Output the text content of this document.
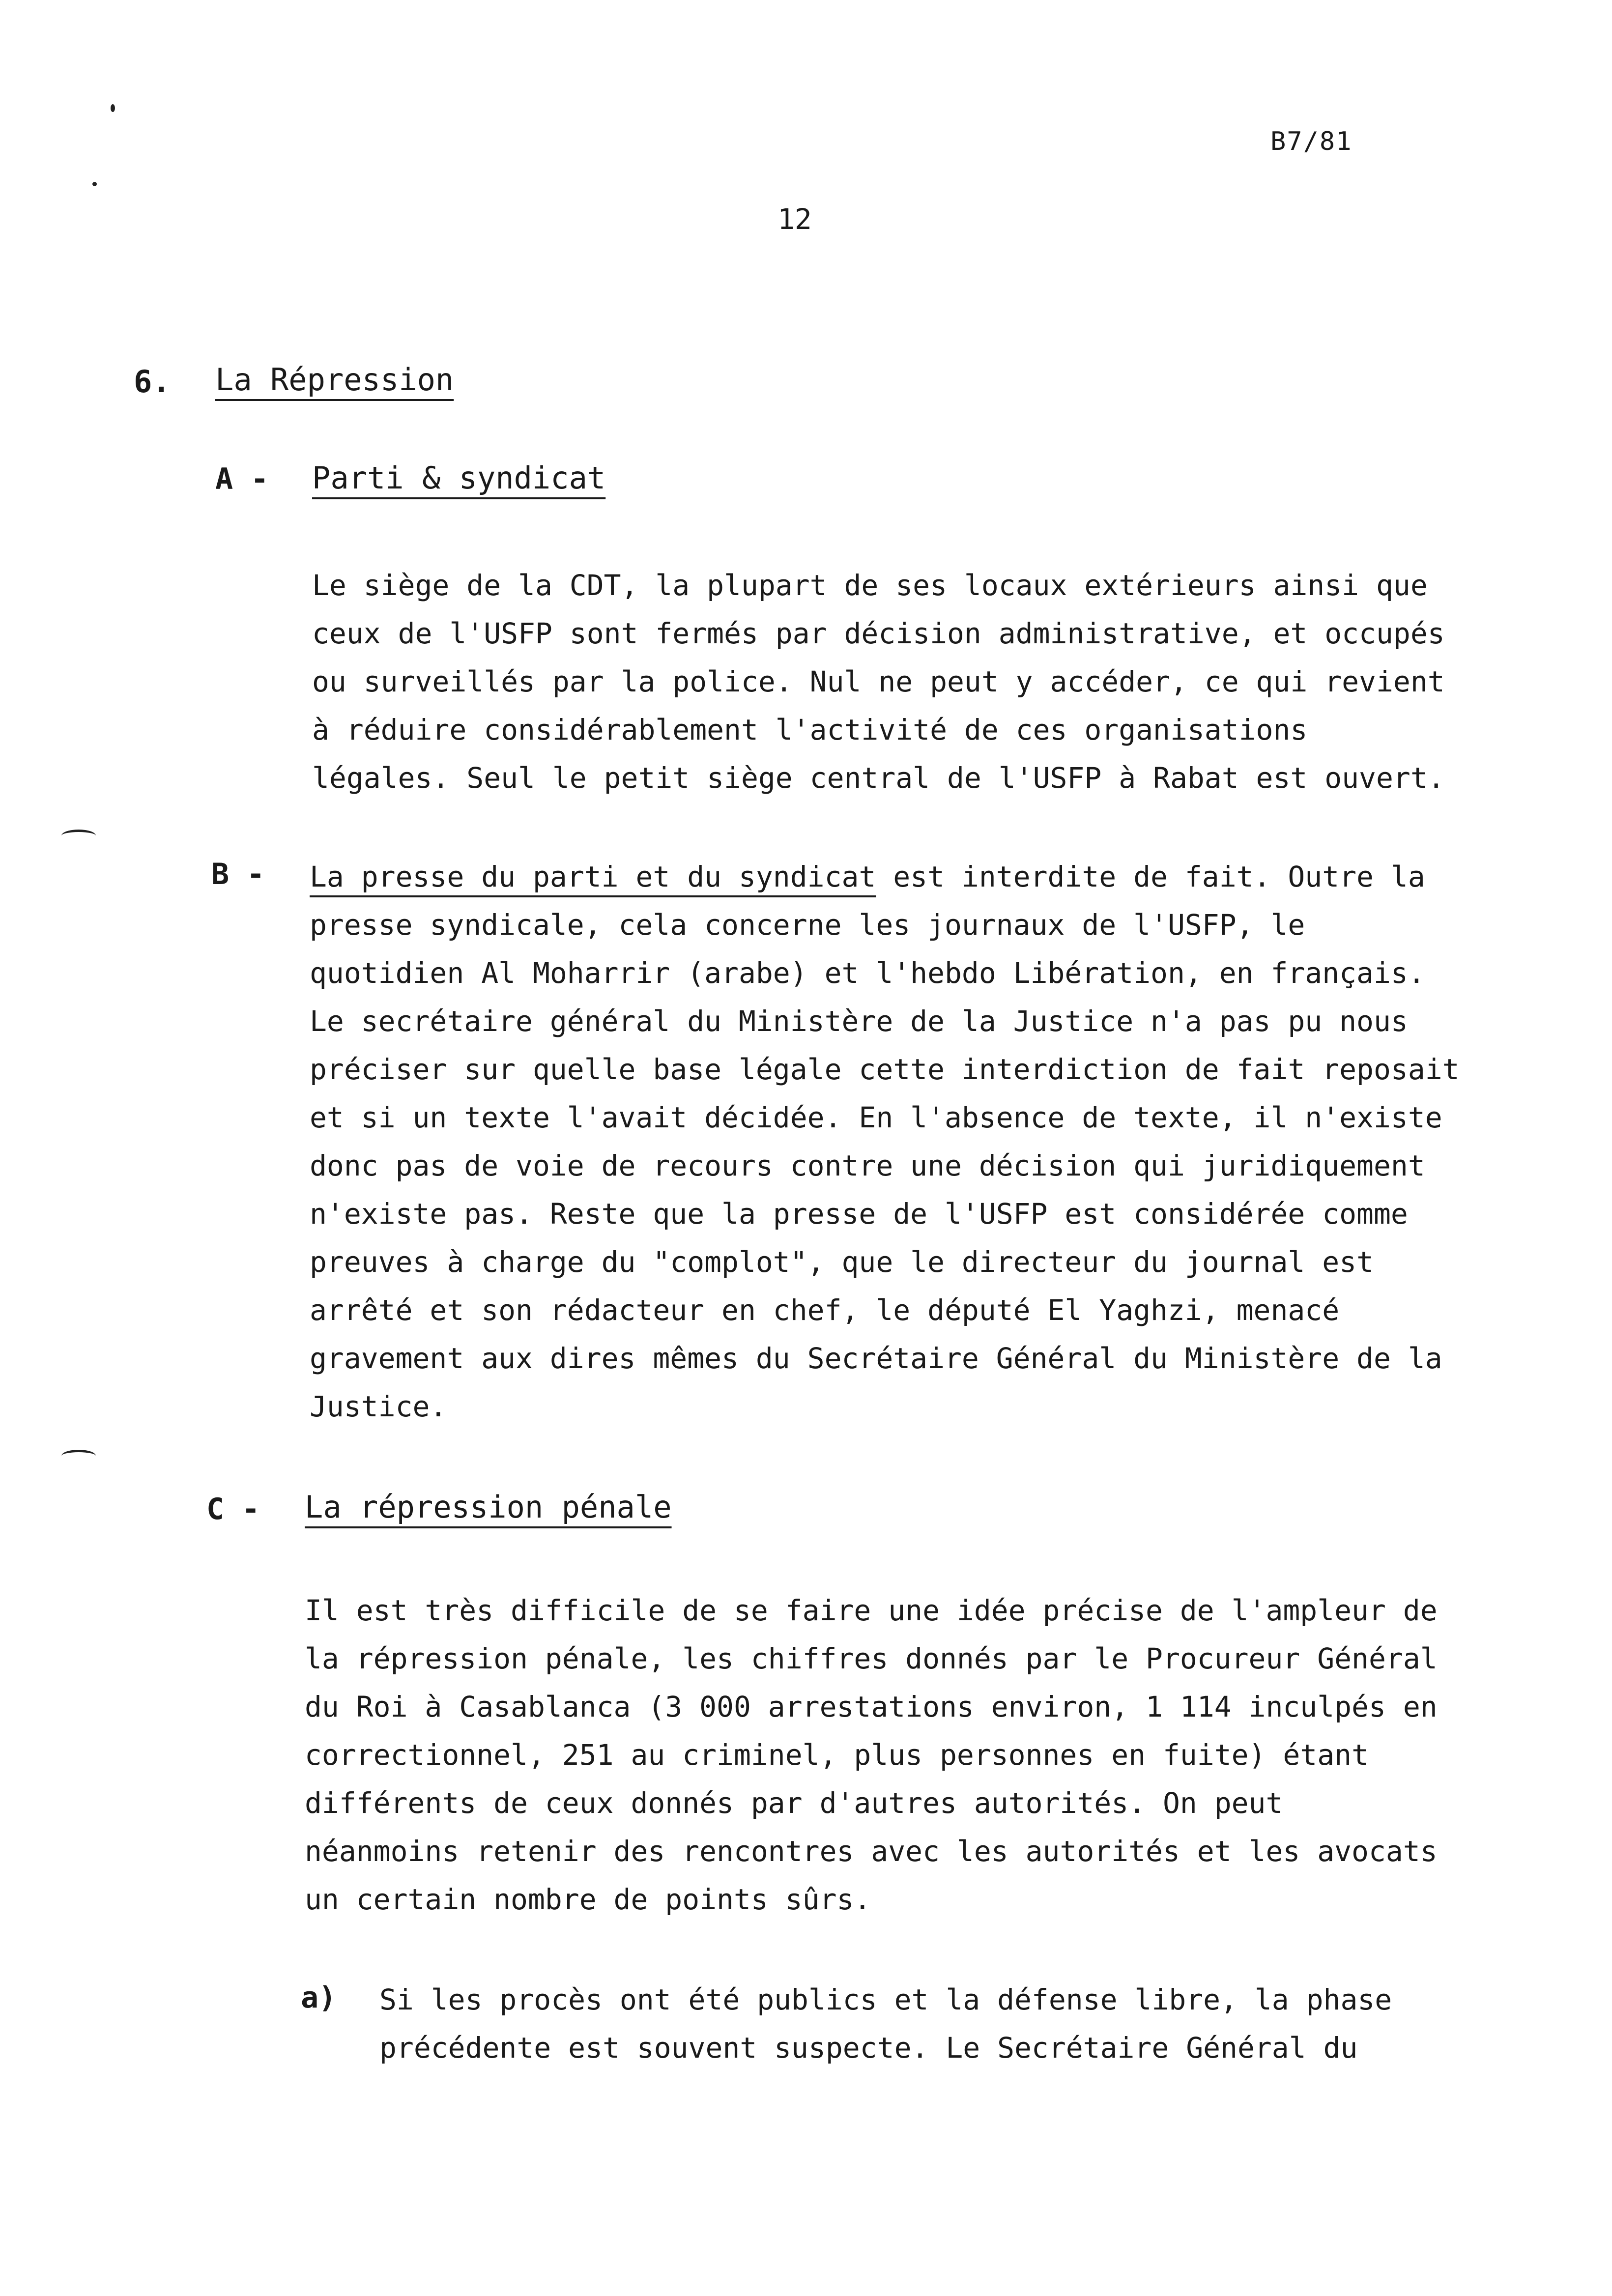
B7/81
12
6. La Répression
A - Parti & syndicat
Le siège de la CDT, la plupart de ses locaux extérieurs ainsi que
ceux de l'USFP sont fermés par décision administrative, et occupés
ou surveillés par la police. Nul ne peut y accéder, ce qui revient
à réduire considérablement l'activité de ces organisations
légales. Seul le petit siège central de l'USFP à Rabat est ouvert.
B - La presse du parti et du syndicat est interdite de fait. Outre la
presse syndicale, cela concerne les journaux de l'USFP, le
quotidien Al Moharrir (arabe) et l'hebdo Libération, en français.
Le secrétaire général du Ministère de la Justice n'a pas pu nous
préciser sur quelle base légale cette interdiction de fait reposait
et si un texte l'avait décidée. En l'absence de texte, il n'existe
donc pas de voie de recours contre une décision qui juridiquement
n'existe pas. Reste que la presse de l'USFP est considérée comme
preuves à charge du "complot", que le directeur du journal est
arrêté et son rédacteur en chef, le député El Yaghzi, menacé
gravement aux dires mêmes du Secrétaire Général du Ministère de la
Justice.
C - La répression pénale
Il est très difficile de se faire une idée précise de l'ampleur de
la répression pénale, les chiffres donnés par le Procureur Général
du Roi à Casablanca (3 000 arrestations environ, 1 114 inculpés en
correctionnel, 251 au criminel, plus personnes en fuite) étant
différents de ceux donnés par d'autres autorités. On peut
néanmoins retenir des rencontres avec les autorités et les avocats
un certain nombre de points sûrs.
a) Si les procès ont été publics et la défense libre, la phase
précédente est souvent suspecte. Le Secrétaire Général du
